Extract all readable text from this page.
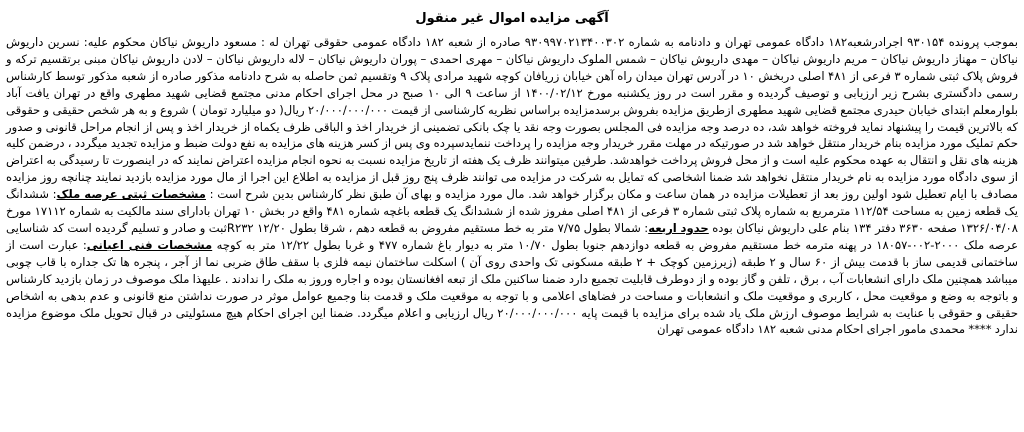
آگهی مزایده اموال غیر منقول
بموجب پرونده ۹۳۰۱۵۴ اجرادرشعبه۱۸۲ دادگاه عمومی تهران و دادنامه به شماره ۹۳۰۹۹۷۰۲۱۳۴۰۰۳۰۲ صادره از شعبه ۱۸۲ دادگاه عمومی حقوقی تهران له : مسعود داریوش نیاکان محکوم علیه: نسرین داریوش نیاکان – مهناز داریوش نیاکان – مریم داریوش نیاکان – مهدی داریوش نیاکان – شمس الملوک داریوش نیاکان – مهری احمدی – پوران داریوش نیاکان – لاله داریوش نیاکان – لادن داریوش نیاکان مبنی برتقسیم ترکه و فروش پلاک ثبتی شماره ۳ فرعی از ۴۸۱ اصلی دربخش ۱۰ در آدرس تهران میدان راه آهن خیابان زریافان کوچه شهید مرادی پلاک ۹ وتقسیم ثمن حاصله به شرح دادنامه مذکور صادره از شعبه مذکور توسط کارشناس رسمی دادگستری بشرح زیر ارزیابی و توصیف گردیده و مقرر است در روز یکشنبه مورخ ۱۴۰۰/۰۲/۱۲ از ساعت ۹ الی ۱۰ صبح در محل اجرای احکام مدنی مجتمع قضایی شهید مطهری واقع در تهران یافت آباد بلوارمعلم ابتدای خیابان حیدری مجتمع قضایی شهید مطهری ازطریق مزایده بفروش برسدمزایده براساس نظریه کارشناسی از قیمت ۲۰/۰۰۰/۰۰۰/۰۰۰ ریال( دو میلیارد تومان ) شروع و به هر شخص حقیقی و حقوقی که بالاترین قیمت را پیشنهاد نماید فروخته خواهد شد، ده درصد وجه مزایده فی المجلس بصورت وجه نقد یا چک بانکی تضمینی از خریدار اخذ و الباقی ظرف یکماه از خریدار اخذ و پس از انجام مراحل قانونی و صدور حکم تملیک مورد مزایده بنام خریدار منتقل خواهد شد در صورتیکه در مهلت مقرر خریدار وجه مزایده را پرداخت ننمایدسپرده وی پس از کسر هزینه های مزایده به نفع دولت ضبط و مزایده تجدید میگردد ، درضمن کلیه هزینه های نقل و انتقال به عهده محکوم علیه است و از محل فروش پرداخت خواهدشد. طرفین میتوانند ظرف یک هفته از تاریخ مزایده نسبت به نحوه انجام مزایده اعتراض نمایند که در اینصورت تا رسیدگی به اعتراض از سوی دادگاه مورد مزایده به نام خریدار منتقل نخواهد شد ضمنا اشخاصی که تمایل به شرکت در مزایده می توانند ظرف پنج روز قبل از مزایده به اطلاع این اجرا از مال مورد مزایده بازدید نمایند چنانچه روز مزایده مصادف با ایام تعطیل شود اولین روز بعد از تعطیلات مزایده در همان ساعت و مکان برگزار خواهد شد. مال مورد مزایده و بهای آن طبق نظر کارشناس بدین شرح است : مشخصات ثبتی عرصه ملک: ششدانگ یک قطعه زمین به مساحت ۱۱۲/۵۴ مترمربع به شماره پلاک ثبتی شماره ۳ فرعی از ۴۸۱ اصلی مفروز شده از ششدانگ یک قطعه باغچه شماره ۴۸۱ واقع در بخش ۱۰ تهران بادارای سند مالکیت به شماره ۱۷۱۱۲ مورخ ۱۳۲۶/۰۴/۰۸ صفحه ۳۶۳۰ دفتر ۱۳۴ بنام علی داریوش نیاکان بوده حدود اربعه: شمالا بطول ۷/۷۵ متر به خط مستقیم مفروض به قطعه دهم ، شرقا بطول ۱۲/۲۰ R۲۳۲ثبت و صادر و تسلیم گردیده است کد شناسایی عرصه ملک ۲۰۰۰-۰۰۲-۱۸۰۵۷ در پهنه مترمه خط مستقیم مفروض به قطعه دوازدهم جنوبا بطول ۱۰/۷۰ متر به دیوار باغ شماره ۴۷۷ و غربا بطول ۱۲/۲۲ متر به کوچه مشخصات فنی اعیانی: عبارت است از ساختمانی قدیمی ساز با قدمت بیش از ۶۰ سال و ۲ طبقه (زیرزمین کوچک + ۲ طبقه مسکونی تک واحدی روی آن ) اسکلت ساختمان نیمه فلزی با سقف طاق ضربی نما از آجر ، پنجره ها تک جداره با قاب چوبی میباشد همچنین ملک دارای انشعابات آب ، برق ، تلفن و گاز بوده و از دوطرف قابلیت تجمیع دارد ضمنا ساکنین ملک از تبعه افغانستان بوده و اجاره وروز به ملک را ندادند . علیهذا ملک موصوف در زمان بازدید کارشناس و باتوجه به وضع و موقعیت محل ، کاربری و موقعیت ملک و انشعابات و مساحت در فضاهای اعلامی و با توجه به موقعیت ملک و قدمت بنا وجمیع عوامل موثر در صورت نداشتن منع قانونی و عدم بدهی به اشخاص حقیقی و حقوقی با عنایت به شرایط موصوف ارزش ملک یاد شده برای مزایده با قیمت پایه ۲۰/۰۰۰/۰۰۰/۰۰۰ ریال ارزیابی و اعلام میگردد. ضمنا این اجرای احکام هیچ مسئولیتی در قبال تحویل ملک موضوع مزایده ندارد **** محمدی مامور اجرای احکام مدنی شعبه ۱۸۲ دادگاه عمومی تهران
